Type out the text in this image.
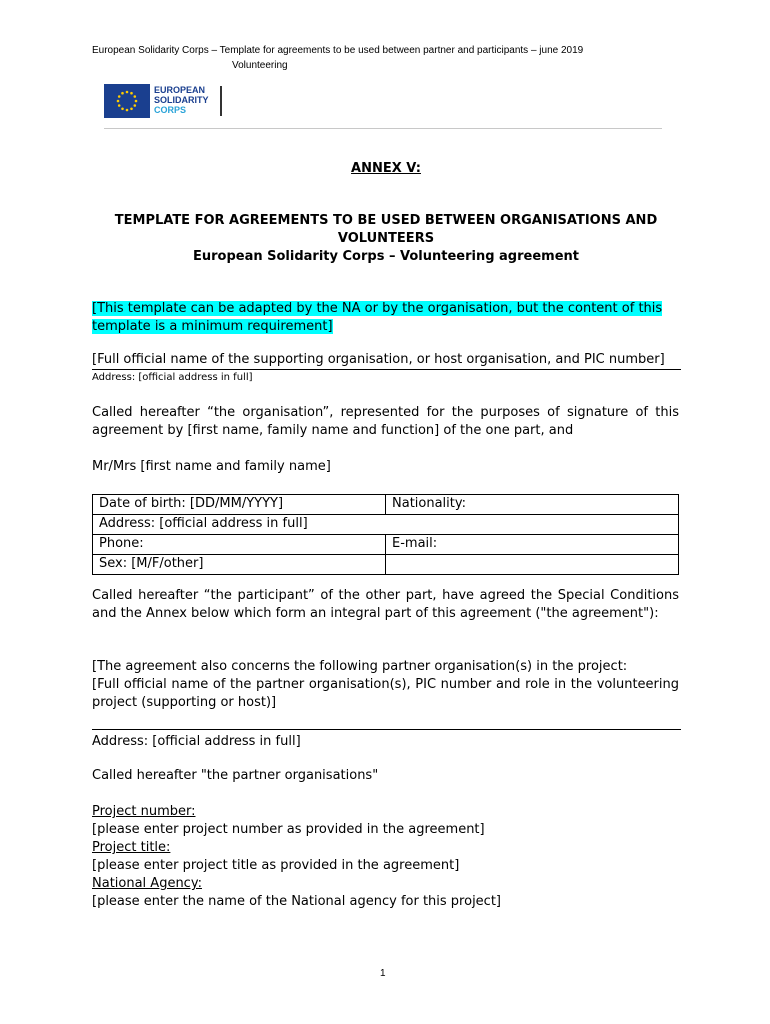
European Solidarity Corps – Template for agreements to be used between partner and participants – june 2019
Volunteering
EUROPEAN
SOLIDARITY
CORPS
ANNEX V:
TEMPLATE FOR AGREEMENTS TO BE USED BETWEEN ORGANISATIONS AND VOLUNTEERS
European Solidarity Corps – Volunteering agreement
[This template can be adapted by the NA or by the organisation, but the content of this template is a minimum requirement]
[Full official name of the supporting organisation, or host organisation, and PIC number]
Address: [official address in full]
Called hereafter “the organisation”, represented for the purposes of signature of this agreement by [first name, family name and function] of the one part, and
Mr/Mrs [first name and family name]
Date of birth: [DD/MM/YYYY]	Nationality:
Address: [official address in full]	
Phone:	E-mail:
Sex: [M/F/other]	
Called hereafter “the participant” of the other part, have agreed the Special Conditions and the Annex below which form an integral part of this agreement ("the agreement"):
[The agreement also concerns the following partner organisation(s) in the project:
[Full official name of the partner organisation(s), PIC number and role in the volunteering project (supporting or host)]
Address: [official address in full]
Called hereafter "the partner organisations"
Project number:
[please enter project number as provided in the agreement]
Project title:
[please enter project title as provided in the agreement]
National Agency:
[please enter the name of the National agency for this project]
1
